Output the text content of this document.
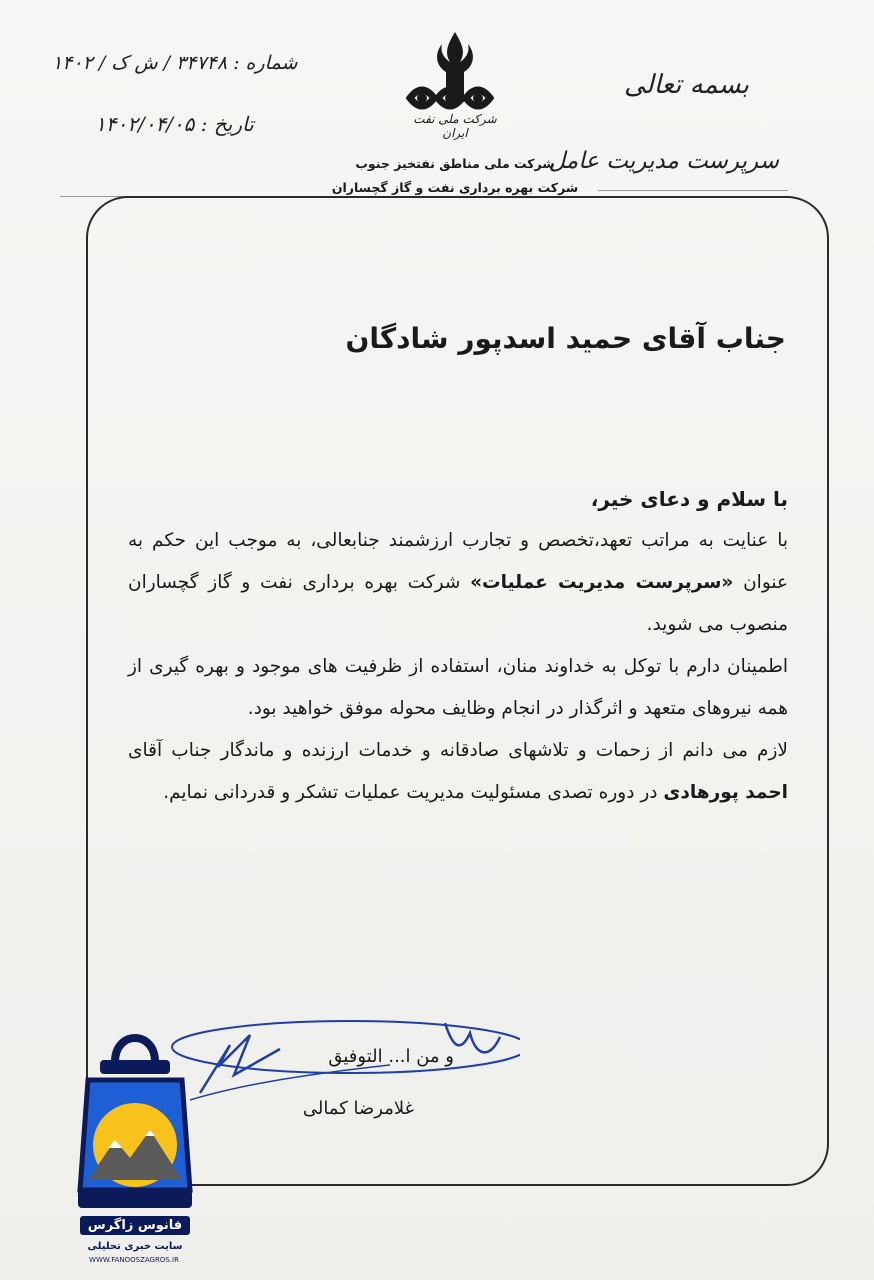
بسمه تعالی
سرپرست مدیریت عامل
شماره : ۳۴۷۴۸ / ش ک / ۱۴۰۲
تاریخ : ۱۴۰۲/۰۴/۰۵	شرکت ملی نفت ایران
شرکت ملی مناطق نفتخیز جنوب
شرکت بهره برداری نفت و گاز گچساران
جناب آقای حمید اسدپور شادگان

با سلام و دعای خیر،

با عنایت به مراتب تعهد،تخصص و تجارب ارزشمند جنابعالی، به موجب این حکم به عنوان «سرپرست مدیریت عملیات» شرکت بهره برداری نفت و گاز گچساران منصوب می شوید.

اطمینان دارم با توکل به خداوند منان، استفاده از ظرفیت های موجود و بهره گیری از همه نیروهای متعهد و اثرگذار در انجام وظایف محوله موفق خواهید بود.

لازم می دانم از زحمات و تلاشهای صادقانه و خدمات ارزنده و ماندگار جناب آقای احمد پورهادی در دوره تصدی مسئولیت مدیریت عملیات تشکر و قدردانی نمایم.

و من ا... التوفیق
غلامرضا کمالی
فانوس زاگرس
سایت خبری تحلیلی
WWW.FANOOSZAGROS.IR
